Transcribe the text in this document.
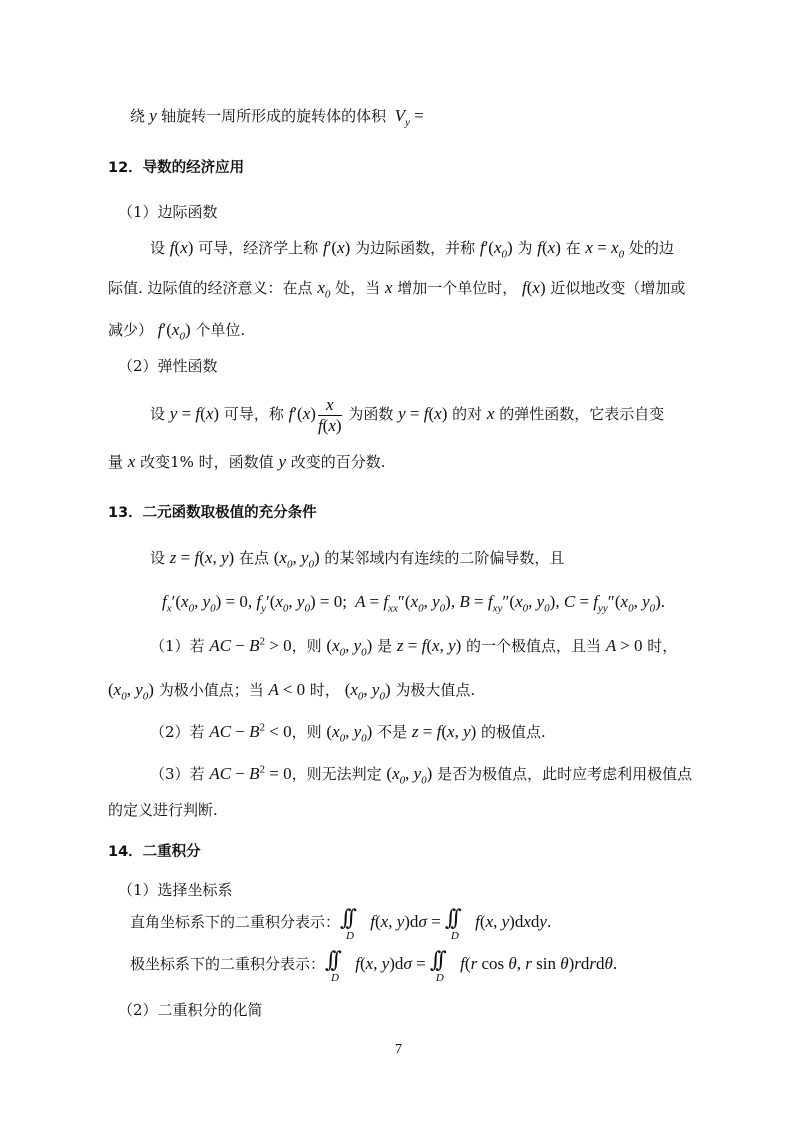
绕 y 轴旋转一周所形成的旋转体的体积  $V_y$ =
12．导数的经济应用
（1）边际函数
设 f(x) 可导，经济学上称 f′(x) 为边际函数，并称 $f'(x_0)$ 为 f(x) 在 $x = x_0$ 处的边
际值. 边际值的经济意义：在点 $x_0$ 处，当 x 增加一个单位时， f(x) 近似地改变（增加或
减少） $f'(x_0)$ 个单位.
（2）弹性函数
设 y = f(x) 可导，称 $f'(x) \frac{x}{f(x)}$ 为函数 y = f(x) 的对 x 的弹性函数，它表示自变
量 x 改变1% 时，函数值 y 改变的百分数.
13．二元函数取极值的充分条件
设 z = f(x, y) 在点 ($x_0$, $y_0$) 的某邻域内有连续的二阶偏导数，且
$f_x'(x_0$, $y_0) = 0$, $f_y'(x_0$, $y_0) = 0$;  $A = f_{xx}''(x_0$, $y_0$), $B = f_{xy}''(x_0$, $y_0$), $C = f_{yy}''(x_0$, $y_0$).
（1）若 AC − $B^2 > 0$，则 ($x_0$, $y_0$) 是 z = f(x, y) 的一个极值点，且当 A > 0 时，
($x_0$, $y_0$) 为极小值点；当 A < 0 时， ($x_0$, $y_0$) 为极大值点.
（2）若 AC − $B^2 < 0$，则 ($x_0$, $y_0$) 不是 z = f(x, y) 的极值点.
（3）若 AC − $B^2 = 0$，则无法判定 ($x_0$, $y_0$) 是否为极值点，此时应考虑利用极值点
的定义进行判断.
14．二重积分
（1）选择坐标系
直角坐标系下的二重积分表示： ∫∫
D
f(x, y)dσ = ∫∫
D
f(x, y)dxdy.
极坐标系下的二重积分表示： ∫∫
D
f(x, y)dσ = ∫∫
D
f(r cos θ, r sin θ)rdrdθ.
（2）二重积分的化简
7
